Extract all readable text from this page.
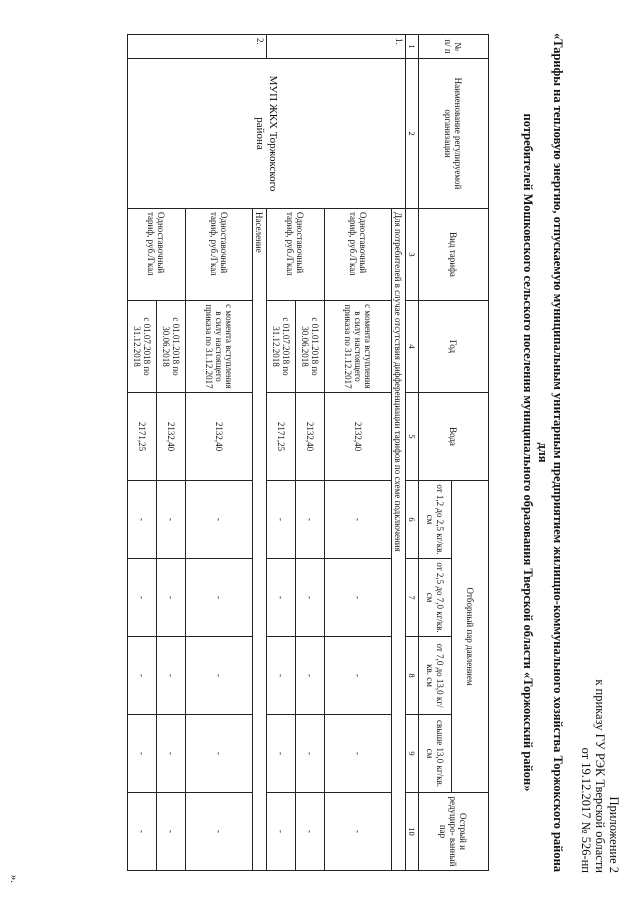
Приложение 2
к приказу ГУ РЭК Тверской области
от 19.12.2017 № 526-нп
«Тарифы на тепловую энергию, отпускаемую муниципальным унитарным предприятием жилищно-коммунального хозяйства Торжокского района для
потребителей Мошковского сельского поселения муниципального образования Тверской области «Торжокский район»
№ п/ п	Наименование регулируемой организации	Вид тарифа	Год	Вода	Отборный пар давлением				Острый и редуциро- ванный пар
					от 1,2 до 2,5 кг/кв. см	от 2,5 до 7,0 кг/кв. см	от 7,0 до 13,0 кг/кв. см	свыше 13,0 кг/кв. см	
1	2	3	4	5	6	7	8	9	10
1.	МУП ЖКХ Торжокского района	Для потребителей в случае отсутствия дифференциации тарифов по схеме подключения							
		Одноставочный тариф, руб./Гкал	с момента вступления в силу настоящего приказа по 31.12.2017	2132,40	-	-	-	-	-
		Одноставочный тариф, руб./Гкал	с 01.01.2018 по 30.06.2018	2132,40	-	-	-	-	-
			с 01.07.2018 по 31.12.2018	2171,25	-	-	-	-	-
2.		Население							
		Одноставочный тариф, руб./Гкал	с момента вступления в силу настоящего приказа по 31.12.2017	2132,40	-	-	-	-	-
		Одноставочный тариф, руб./Гкал	с 01.01.2018 по 30.06.2018	2132,40	-	-	-	-	-
			с 01.07.2018 по 31.12.2018	2171,25	-	-	-	-	-
».
